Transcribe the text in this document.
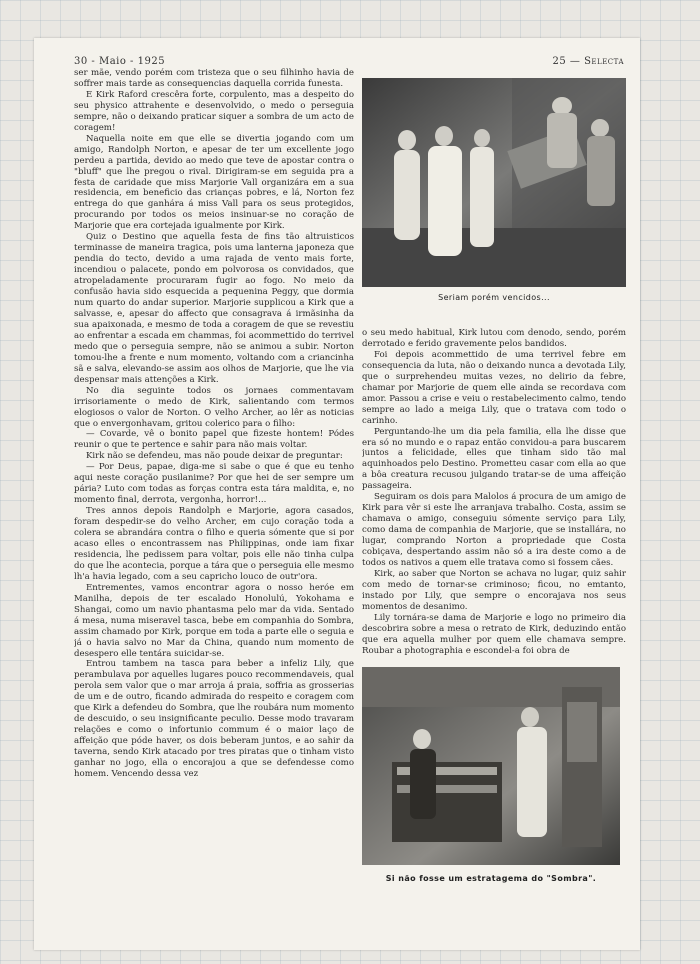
30 - Maio - 1925	25 — Selecta

ser mãe, vendo porém com tristeza que o seu filhinho havia de soffrer mais tarde as consequencias daquella corrida funesta.

E Kirk Raford crescêra forte, corpulento, mas a despeito do seu physico attrahente e desenvolvido, o medo o perseguia sempre, não o deixando praticar siquer a sombra de um acto de coragem!

Naquella noite em que elle se divertia jogando com um amigo, Randolph Norton, e apesar de ter um excellente jogo perdeu a partida, devido ao medo que teve de apostar contra o "bluff" que lhe pregou o rival. Dirigiram-se em seguida pra a festa de caridade que miss Marjorie Vall organizára em a sua residencia, em beneficio das crianças pobres, e lá, Norton fez entrega do que ganhára á miss Vall para os seus protegidos, procurando por todos os meios insinuar-se no coração de Marjorie que era cortejada igualmente por Kirk.

Quiz o Destino que aquella festa de fins tão altruisticos terminasse de maneira tragica, pois uma lanterna japoneza que pendia do tecto, devido a uma rajada de vento mais forte, incendiou o palacete, pondo em polvorosa os convidados, que atropeladamente procuraram fugir ao fogo. No meio da confusão havia sido esquecida a pequenina Peggy, que dormia num quarto do andar superior. Marjorie supplicou a Kirk que a salvasse, e, apesar do affecto que consagrava á irmãsinha da sua apaixonada, e mesmo de toda a coragem de que se revestiu ao enfrentar a escada em chammas, foi acommettido do terrivel medo que o perseguia sempre, não se animou a subir. Norton tomou-lhe a frente e num momento, voltando com a criancinha sã e salva, elevando-se assim aos olhos de Marjorie, que lhe via despensar mais attenções a Kirk.

No dia seguinte todos os jornaes commentavam irrisoriamente o medo de Kirk, salientando com termos elogiosos o valor de Norton. O velho Archer, ao lêr as noticias que o envergonhavam, gritou colerico para o filho:

— Covarde, vê o bonito papel que fizeste hontem! Pódes reunir o que te pertence e sahir para não mais voltar.

Kirk não se defendeu, mas não poude deixar de preguntar:

— Por Deus, papae, diga-me si sabe o que é que eu tenho aqui neste coração pusilanime? Por que hei de ser sempre um pária? Luto com todas as forças contra esta tára maldita, e, no momento final, derrota, vergonha, horror!...

Tres annos depois Randolph e Marjorie, agora casados, foram despedir-se do velho Archer, em cujo coração toda a colera se abrandára contra o filho e queria sómente que si por acaso elles o encontrassem nas Philippinas, onde iam fixar residencia, lhe pedissem para voltar, pois elle não tinha culpa do que lhe acontecia, porque a tára que o perseguia elle mesmo lh'a havia legado, com a seu capricho louco de outr'ora.

Entrementes, vamos encontrar agora o nosso heróe em Manilha, depois de ter escalado Honolulú, Yokohama e Shangai, como um navio phantasma pelo mar da vida. Sentado á mesa, numa miseravel tasca, bebe em companhia do Sombra, assim chamado por Kirk, porque em toda a parte elle o seguia e já o havia salvo no Mar da China, quando num momento de desespero elle tentára suicidar-se.

Entrou tambem na tasca para beber a infeliz Lily, que perambulava por aquelles lugares pouco recommendaveis, qual perola sem valor que o mar arroja á praia, soffria as grosserias de um e de outro, ficando admirada do respeito e coragem com que Kirk a defendeu do Sombra, que lhe roubára num momento de descuido, o seu insignificante peculio. Desse modo travaram relações e como o infortunio commum é o maior laço de affeição que póde haver, os dois beberam juntos, e ao sahir da taverna, sendo Kirk atacado por tres piratas que o tinham visto ganhar no jogo, ella o encorajou a que se defendesse como homem. Vencendo dessa vez

Seriam porém vencidos...

o seu medo habitual, Kirk lutou com denodo, sendo, porém derrotado e ferido gravemente pelos bandidos.

Foi depois acommettido de uma terrivel febre em consequencia da luta, não o deixando nunca a devotada Lily, que o surprehendeu muitas vezes, no delirio da febre, chamar por Marjorie de quem elle ainda se recordava com amor. Passou a crise e veiu o restabelecimento calmo, tendo sempre ao lado a meiga Lily, que o tratava com todo o carinho.

Perguntando-lhe um dia pela familia, ella lhe disse que era só no mundo e o rapaz então convidou-a para buscarem juntos a felicidade, elles que tinham sido tão mal aquinhoados pelo Destino. Prometteu casar com ella ao que a bôa creatura recusou julgando tratar-se de uma affeição passageira.

Seguiram os dois para Malolos á procura de um amigo de Kirk para vêr si este lhe arranjava trabalho. Costa, assim se chamava o amigo, conseguiu sómente serviço para Lily, como dama de companhia de Marjorie, que se installára, no lugar, comprando Norton a propriedade que Costa cobiçava, despertando assim não só a ira deste como a de todos os nativos a quem elle tratava como si fossem cães.

Kirk, ao saber que Norton se achava no lugar, quiz sahir com medo de tornar-se criminoso; ficou, no emtanto, instado por Lily, que sempre o encorajava nos seus momentos de desanimo.

Lily tornára-se dama de Marjorie e logo no primeiro dia descobrira sobre a mesa o retrato de Kirk, deduzindo então que era aquella mulher por quem elle chamava sempre. Roubar a photographia e escondel-a foi obra de

Si não fosse um estratagema do "Sombra".
